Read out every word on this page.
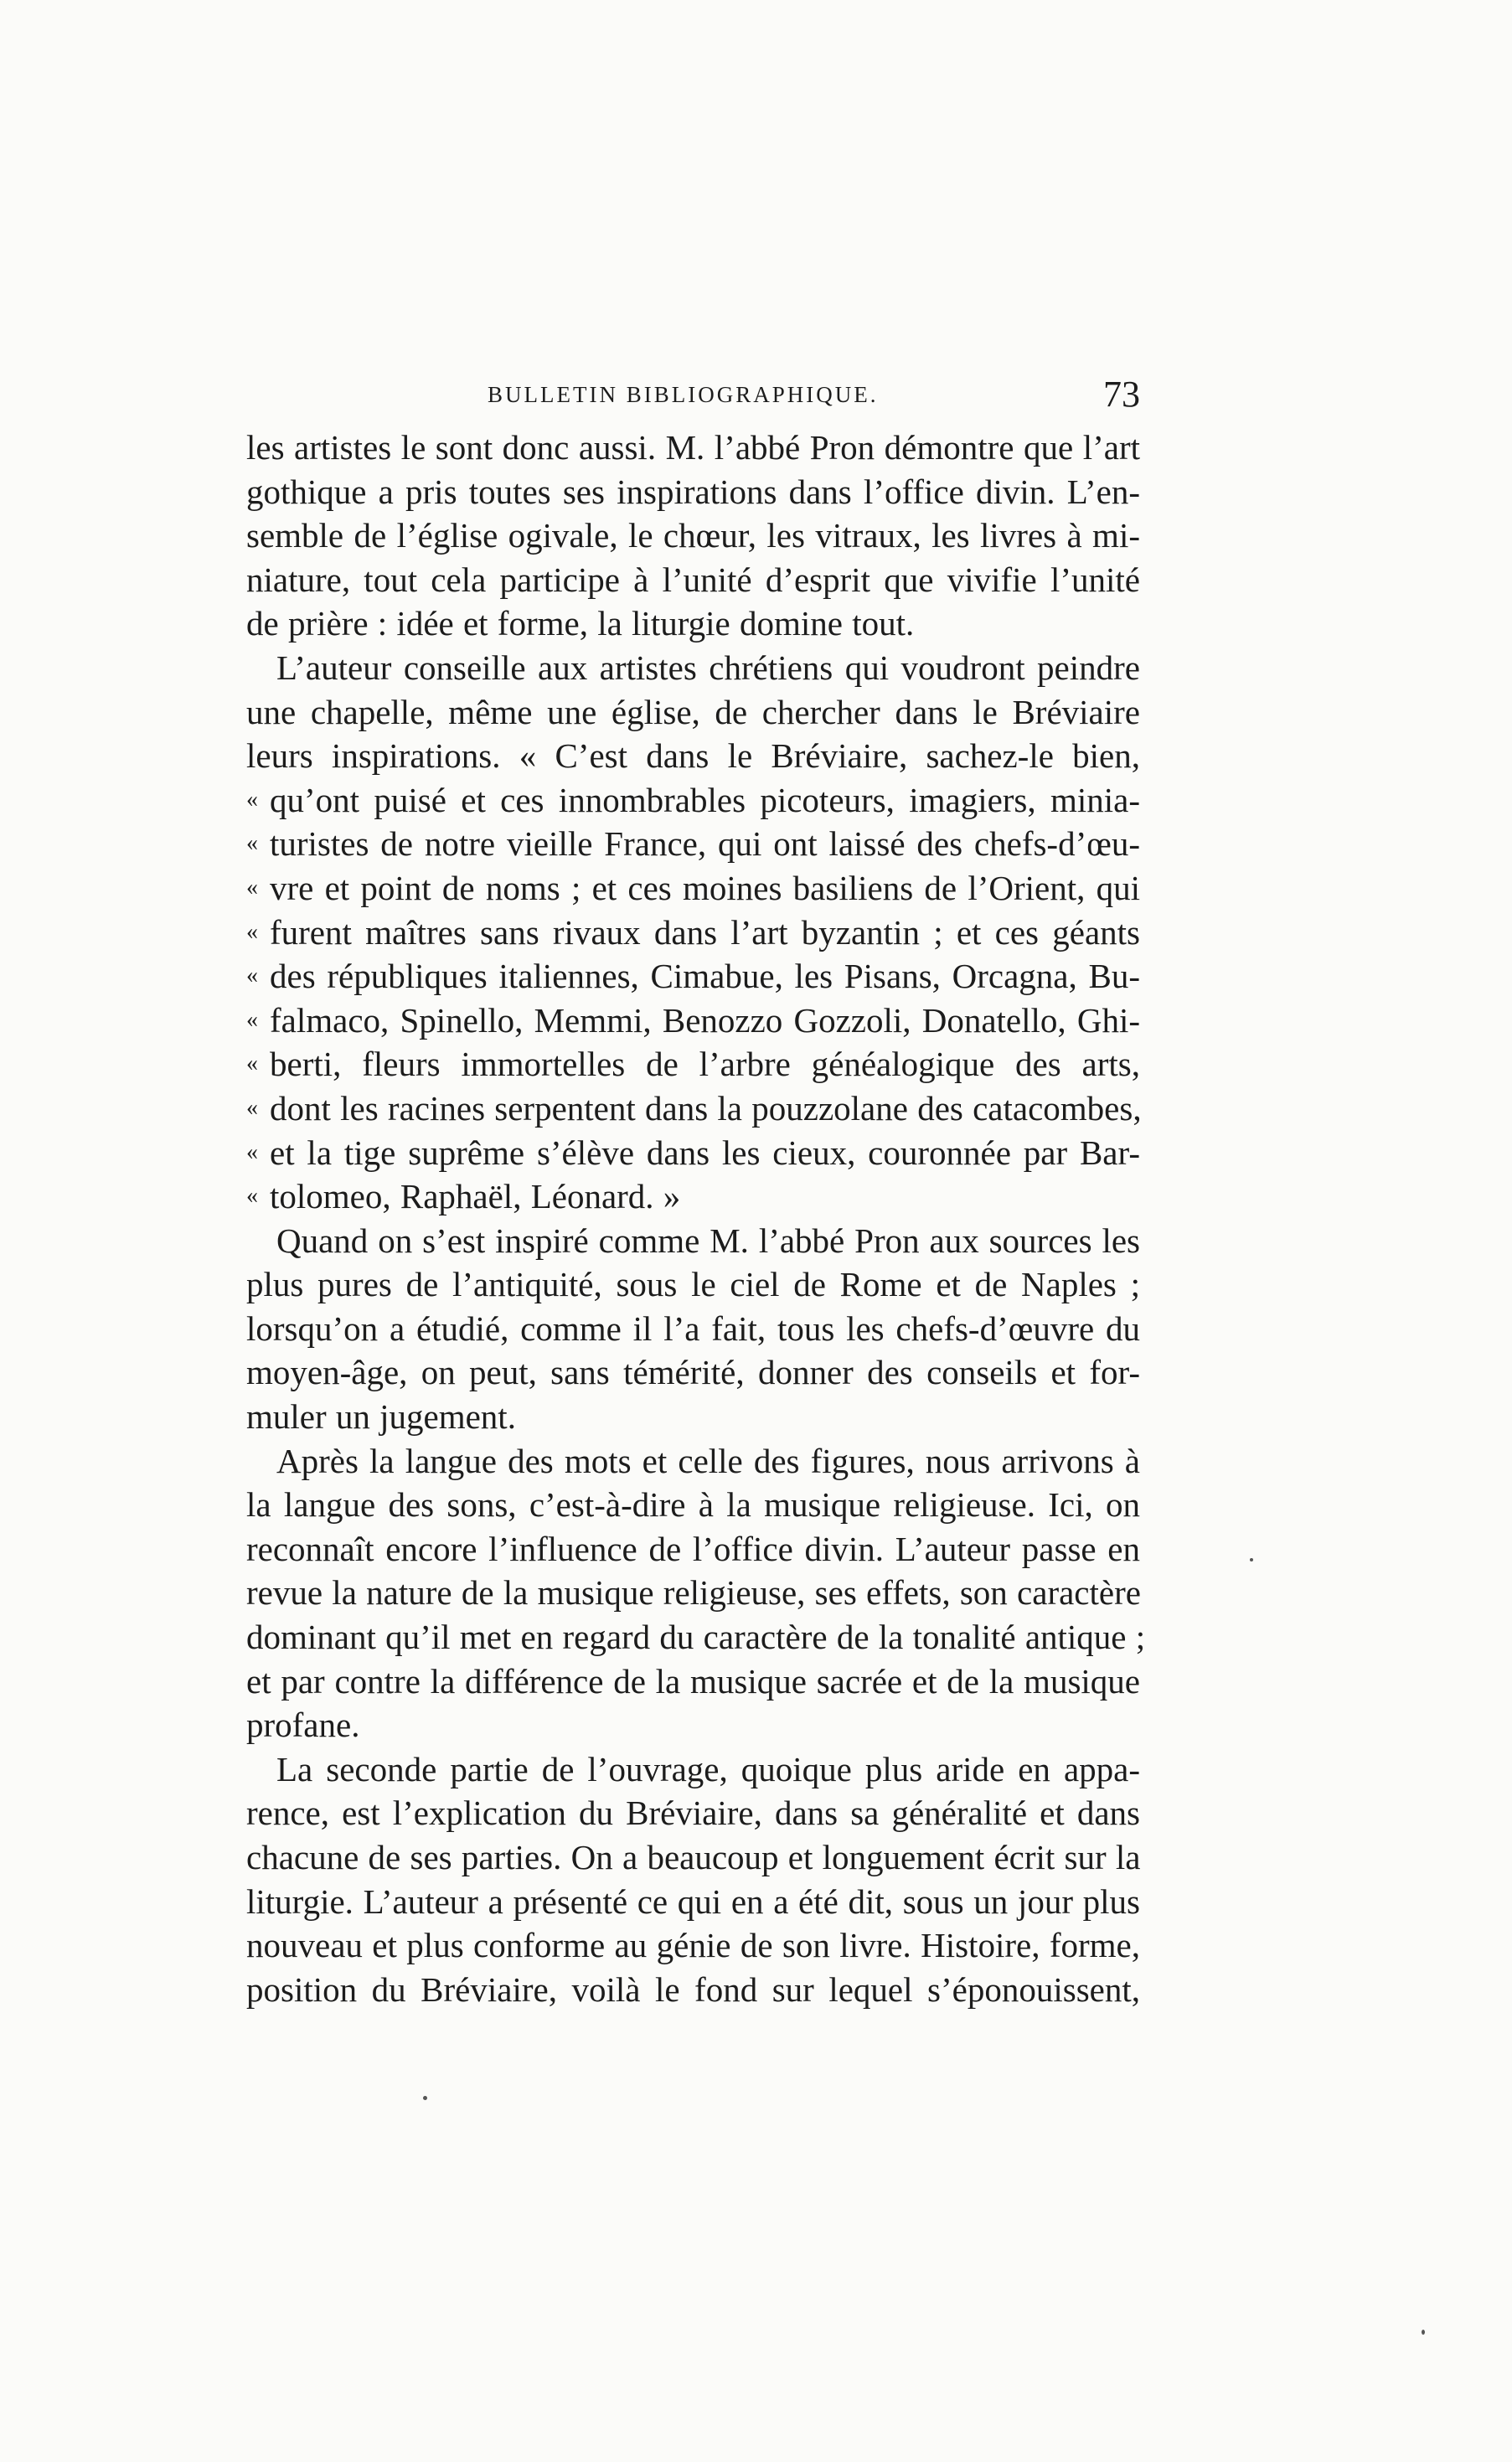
BULLETIN BIBLIOGRAPHIQUE.	73
les artistes le sont donc aussi. M. l’abbé Pron démontre que l’art
gothique a pris toutes ses inspirations dans l’office divin. L’en-
semble de l’église ogivale, le chœur, les vitraux, les livres à mi-
niature, tout cela participe à l’unité d’esprit que vivifie l’unité
de prière : idée et forme, la liturgie domine tout.
L’auteur conseille aux artistes chrétiens qui voudront peindre
une chapelle, même une église, de chercher dans le Bréviaire
leurs inspirations. « C’est dans le Bréviaire, sachez-le bien,
« qu’ont puisé et ces innombrables picoteurs, imagiers, minia-
« turistes de notre vieille France, qui ont laissé des chefs-d’œu-
« vre et point de noms ; et ces moines basiliens de l’Orient, qui
« furent maîtres sans rivaux dans l’art byzantin ; et ces géants
« des républiques italiennes, Cimabue, les Pisans, Orcagna, Bu-
« falmaco, Spinello, Memmi, Benozzo Gozzoli, Donatello, Ghi-
« berti, fleurs immortelles de l’arbre généalogique des arts,
« dont les racines serpentent dans la pouzzolane des catacombes,
« et la tige suprême s’élève dans les cieux, couronnée par Bar-
« tolomeo, Raphaël, Léonard. »
Quand on s’est inspiré comme M. l’abbé Pron aux sources les
plus pures de l’antiquité, sous le ciel de Rome et de Naples ;
lorsqu’on a étudié, comme il l’a fait, tous les chefs-d’œuvre du
moyen-âge, on peut, sans témérité, donner des conseils et for-
muler un jugement.
Après la langue des mots et celle des figures, nous arrivons à
la langue des sons, c’est-à-dire à la musique religieuse. Ici, on
reconnaît encore l’influence de l’office divin. L’auteur passe en
revue la nature de la musique religieuse, ses effets, son caractère
dominant qu’il met en regard du caractère de la tonalité antique ;
et par contre la différence de la musique sacrée et de la musique
profane.
La seconde partie de l’ouvrage, quoique plus aride en appa-
rence, est l’explication du Bréviaire, dans sa généralité et dans
chacune de ses parties. On a beaucoup et longuement écrit sur la
liturgie. L’auteur a présenté ce qui en a été dit, sous un jour plus
nouveau et plus conforme au génie de son livre. Histoire, forme,
position du Bréviaire, voilà le fond sur lequel s’éponouissent,
